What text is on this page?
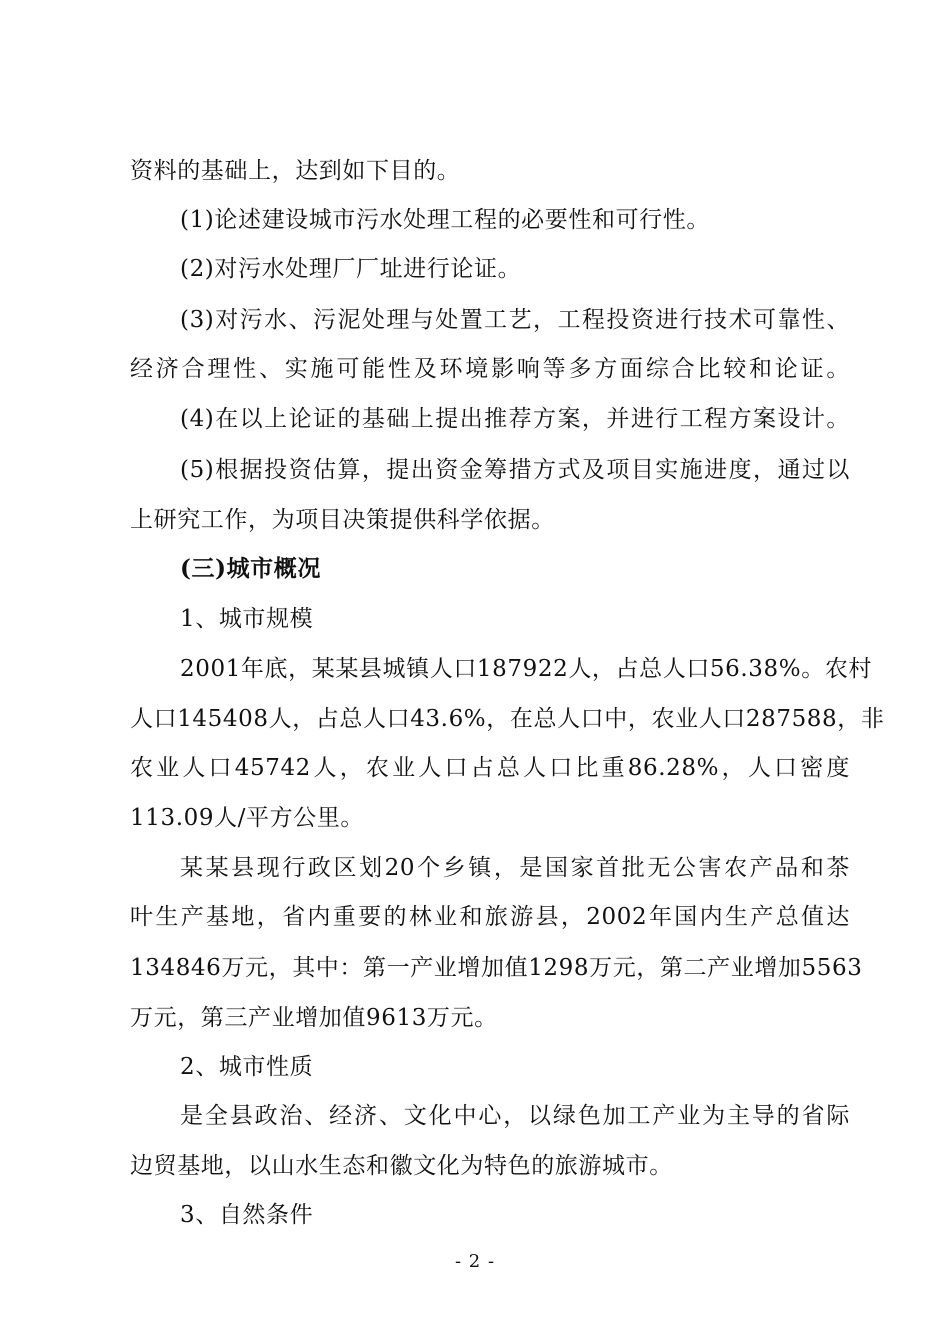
资料的基础上，达到如下目的。
(1)论述建设城市污水处理工程的必要性和可行性。
(2)对污水处理厂厂址进行论证。
(3)对污水、污泥处理与处置工艺，工程投资进行技术可靠性、
经济合理性、实施可能性及环境影响等多方面综合比较和论证。
(4)在以上论证的基础上提出推荐方案，并进行工程方案设计。
(5)根据投资估算，提出资金筹措方式及项目实施进度，通过以
上研究工作，为项目决策提供科学依据。
(三)城市概况
1、城市规模
2001年底，某某县城镇人口187922人，占总人口56.38%。农村
人口145408人，占总人口43.6%，在总人口中，农业人口287588，非
农业人口45742人，农业人口占总人口比重86.28%，人口密度
113.09人/平方公里。
某某县现行政区划20个乡镇，是国家首批无公害农产品和茶
叶生产基地，省内重要的林业和旅游县，2002年国内生产总值达
134846万元，其中：第一产业增加值1298万元，第二产业增加5563
万元，第三产业增加值9613万元。
2、城市性质
是全县政治、经济、文化中心，以绿色加工产业为主导的省际
边贸基地，以山水生态和徽文化为特色的旅游城市。
3、自然条件
- 2 -
